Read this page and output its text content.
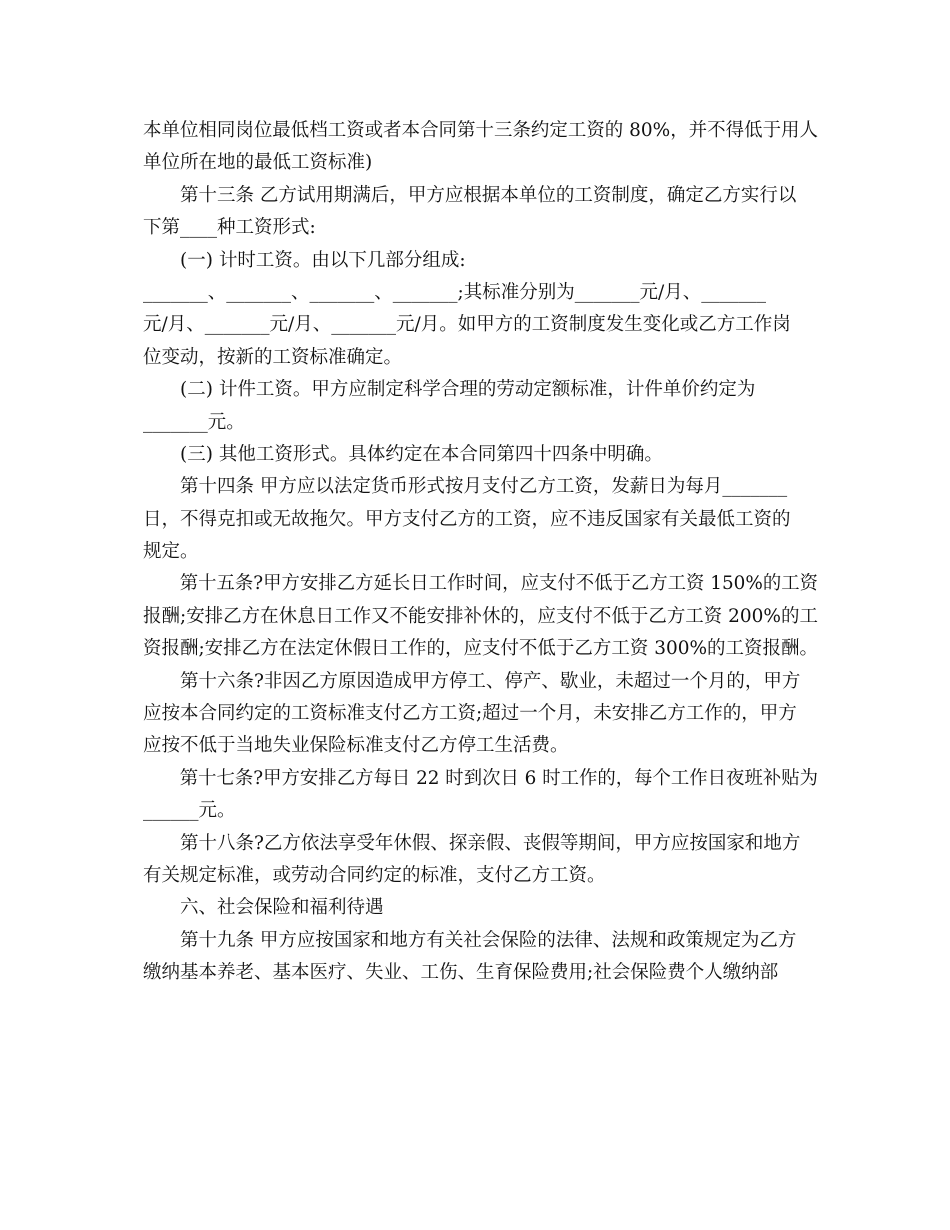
本单位相同岗位最低档工资或者本合同第十三条约定工资的 80%，并不得低于用人
单位所在地的最低工资标准)
第十三条 乙方试用期满后，甲方应根据本单位的工资制度，确定乙方实行以
下第____种工资形式:
(一) 计时工资。由以下几部分组成:
_______、_______、_______、_______;其标准分别为_______元/月、_______
元/月、_______元/月、_______元/月。如甲方的工资制度发生变化或乙方工作岗
位变动，按新的工资标准确定。
(二) 计件工资。甲方应制定科学合理的劳动定额标准，计件单价约定为
_______元。
(三) 其他工资形式。具体约定在本合同第四十四条中明确。
第十四条 甲方应以法定货币形式按月支付乙方工资，发薪日为每月_______
日，不得克扣或无故拖欠。甲方支付乙方的工资，应不违反国家有关最低工资的
规定。
第十五条?甲方安排乙方延长日工作时间，应支付不低于乙方工资 150%的工资
报酬;安排乙方在休息日工作又不能安排补休的，应支付不低于乙方工资 200%的工
资报酬;安排乙方在法定休假日工作的，应支付不低于乙方工资 300%的工资报酬。
第十六条?非因乙方原因造成甲方停工、停产、歇业，未超过一个月的，甲方
应按本合同约定的工资标准支付乙方工资;超过一个月，未安排乙方工作的，甲方
应按不低于当地失业保险标准支付乙方停工生活费。
第十七条?甲方安排乙方每日 22 时到次日 6 时工作的，每个工作日夜班补贴为
______元。
第十八条?乙方依法享受年休假、探亲假、丧假等期间，甲方应按国家和地方
有关规定标准，或劳动合同约定的标准，支付乙方工资。
六、社会保险和福利待遇
第十九条 甲方应按国家和地方有关社会保险的法律、法规和政策规定为乙方
缴纳基本养老、基本医疗、失业、工伤、生育保险费用;社会保险费个人缴纳部
